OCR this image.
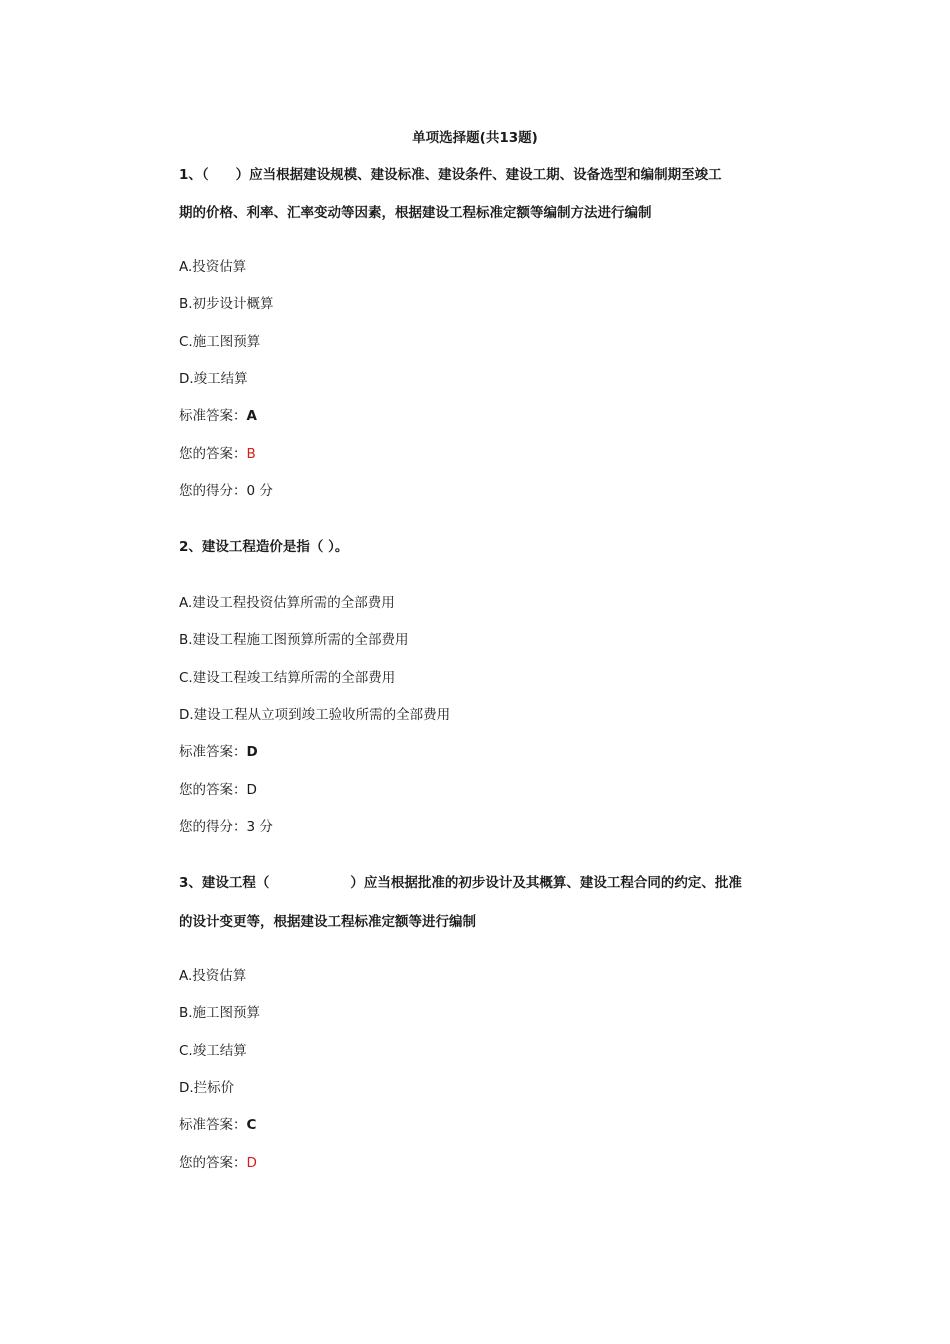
单项选择题(共13题)
1、（　　）应当根据建设规模、建设标准、建设条件、建设工期、设备选型和编制期至竣工
期的价格、利率、汇率变动等因素，根据建设工程标准定额等编制方法进行编制
A.投资估算
B.初步设计概算
C.施工图预算
D.竣工结算
标准答案：A
您的答案：B
您的得分：0 分
2、建设工程造价是指（ ）。
A.建设工程投资估算所需的全部费用
B.建设工程施工图预算所需的全部费用
C.建设工程竣工结算所需的全部费用
D.建设工程从立项到竣工验收所需的全部费用
标准答案：D
您的答案：D
您的得分：3 分
3、建设工程（　　　　　　）应当根据批准的初步设计及其概算、建设工程合同的约定、批准
的设计变更等，根据建设工程标准定额等进行编制
A.投资估算
B.施工图预算
C.竣工结算
D.拦标价
标准答案：C
您的答案：D
